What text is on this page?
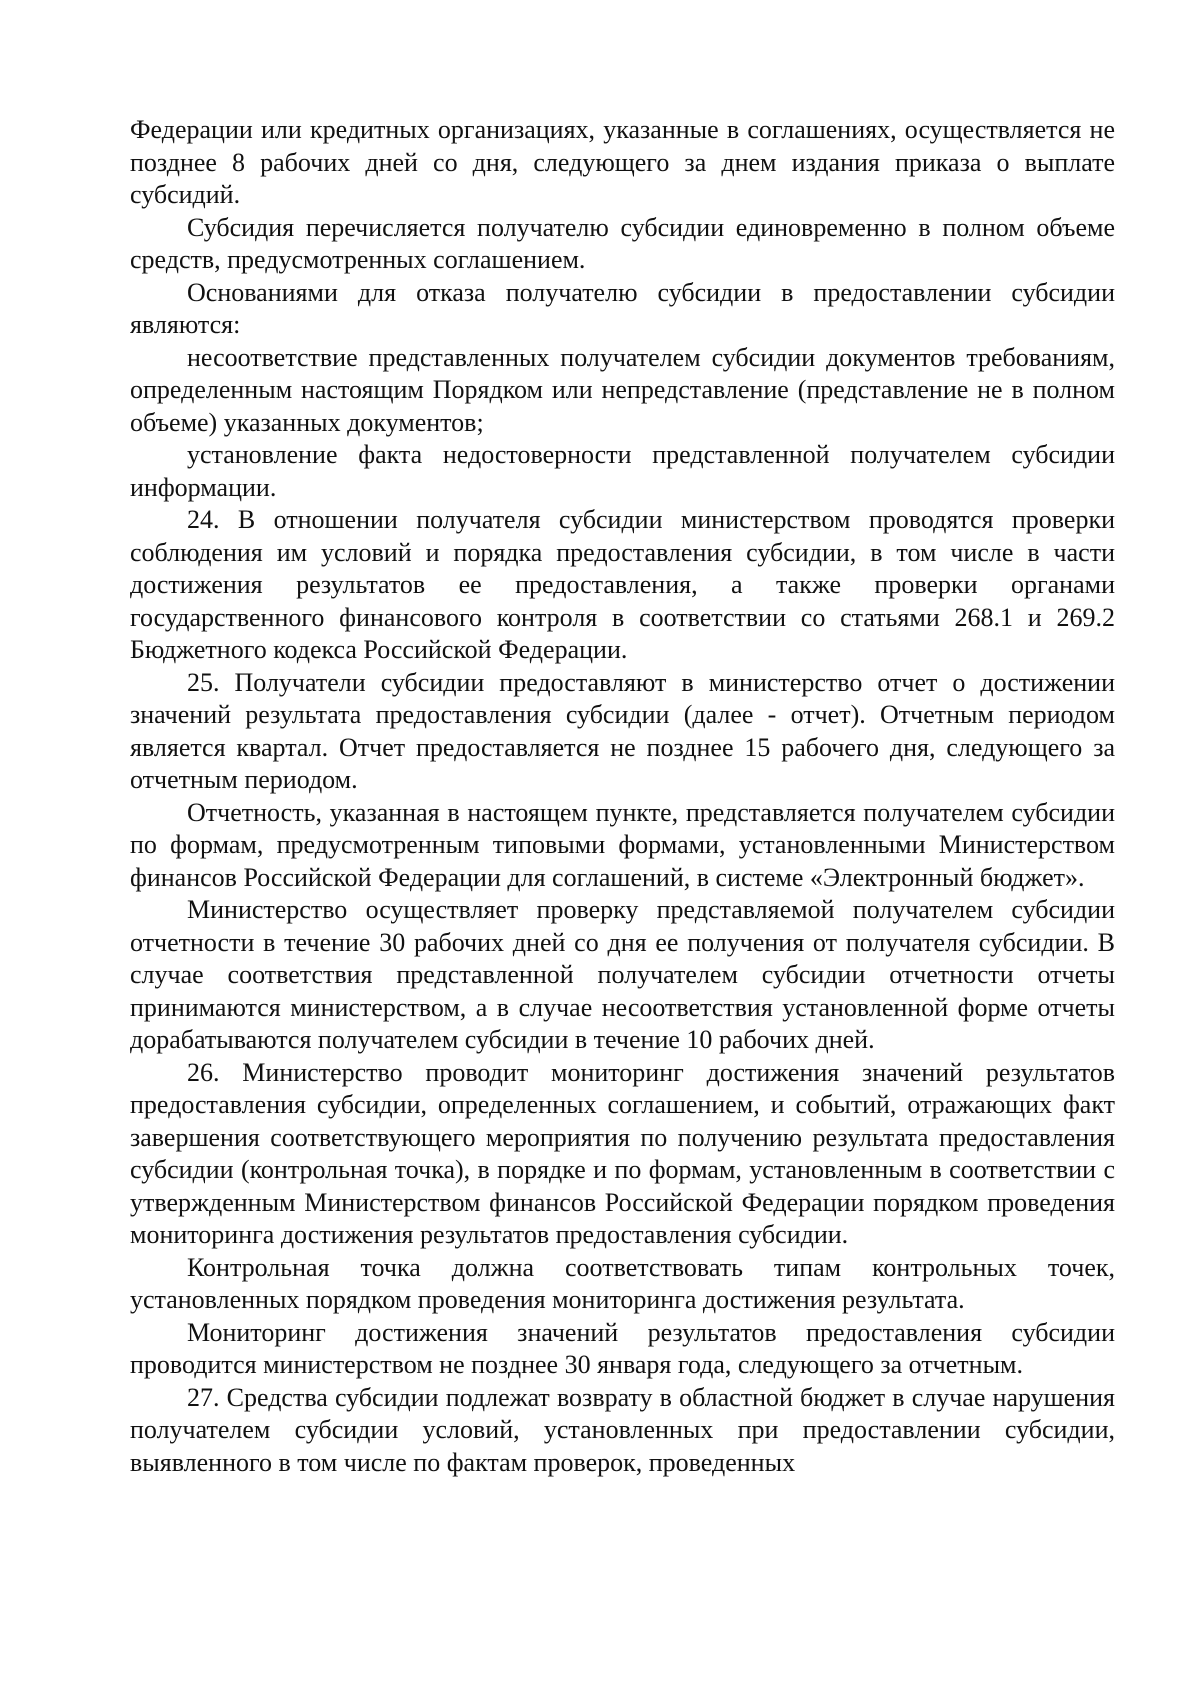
Федерации или кредитных организациях, указанные в соглашениях, осуществляется не позднее 8 рабочих дней со дня, следующего за днем издания приказа о выплате субсидий.

Субсидия перечисляется получателю субсидии единовременно в полном объеме средств, предусмотренных соглашением.

Основаниями для отказа получателю субсидии в предоставлении субсидии являются:

несоответствие представленных получателем субсидии документов требованиям, определенным настоящим Порядком или непредставление (представление не в полном объеме) указанных документов;

установление факта недостоверности представленной получателем субсидии информации.

24. В отношении получателя субсидии министерством проводятся проверки соблюдения им условий и порядка предоставления субсидии, в том числе в части достижения результатов ее предоставления, а также проверки органами государственного финансового контроля в соответствии со статьями 268.1 и 269.2 Бюджетного кодекса Российской Федерации.

25. Получатели субсидии предоставляют в министерство отчет о достижении значений результата предоставления субсидии (далее - отчет). Отчетным периодом является квартал. Отчет предоставляется не позднее 15 рабочего дня, следующего за отчетным периодом.

Отчетность, указанная в настоящем пункте, представляется получателем субсидии по формам, предусмотренным типовыми формами, установленными Министерством финансов Российской Федерации для соглашений, в системе «Электронный бюджет».

Министерство осуществляет проверку представляемой получателем субсидии отчетности в течение 30 рабочих дней со дня ее получения от получателя субсидии. В случае соответствия представленной получателем субсидии отчетности отчеты принимаются министерством, а в случае несоответствия установленной форме отчеты дорабатываются получателем субсидии в течение 10 рабочих дней.

26. Министерство проводит мониторинг достижения значений результатов предоставления субсидии, определенных соглашением, и событий, отражающих факт завершения соответствующего мероприятия по получению результата предоставления субсидии (контрольная точка), в порядке и по формам, установленным в соответствии с утвержденным Министерством финансов Российской Федерации порядком проведения мониторинга достижения результатов предоставления субсидии.

Контрольная точка должна соответствовать типам контрольных точек, установленных порядком проведения мониторинга достижения результата.

Мониторинг достижения значений результатов предоставления субсидии проводится министерством не позднее 30 января года, следующего за отчетным.

27. Средства субсидии подлежат возврату в областной бюджет в случае нарушения получателем субсидии условий, установленных при предоставлении субсидии, выявленного в том числе по фактам проверок, проведенных
